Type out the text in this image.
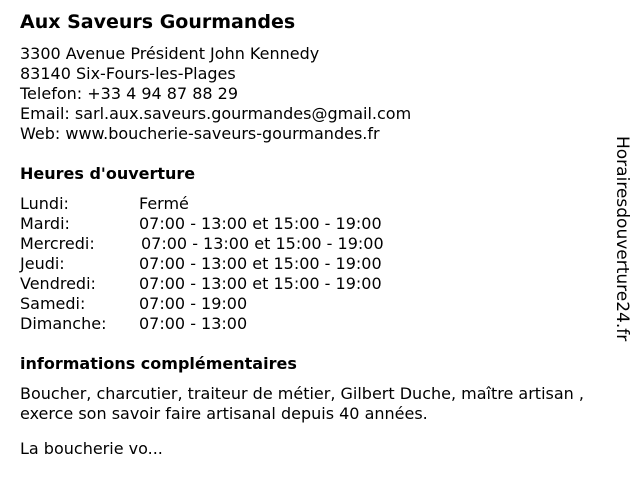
Aux Saveurs Gourmandes
3300 Avenue Président John Kennedy
83140 Six-Fours-les-Plages
Telefon: +33 4 94 87 88 29
Email: sarl.aux.saveurs.gourmandes@gmail.com
Web: www.boucherie-saveurs-gourmandes.fr
Heures d'ouverture
Lundi:	Fermé
Mardi:	07:00 - 13:00 et 15:00 - 19:00
Mercredi:	07:00 - 13:00 et 15:00 - 19:00
Jeudi:	07:00 - 13:00 et 15:00 - 19:00
Vendredi:	07:00 - 13:00 et 15:00 - 19:00
Samedi:	07:00 - 19:00
Dimanche: 07:00 - 13:00
informations complémentaires
Boucher, charcutier, traiteur de métier, Gilbert Duche, maître artisan , exerce son savoir faire artisanal depuis 40 années.
La boucherie vo...
Horairesdouverture24.fr
